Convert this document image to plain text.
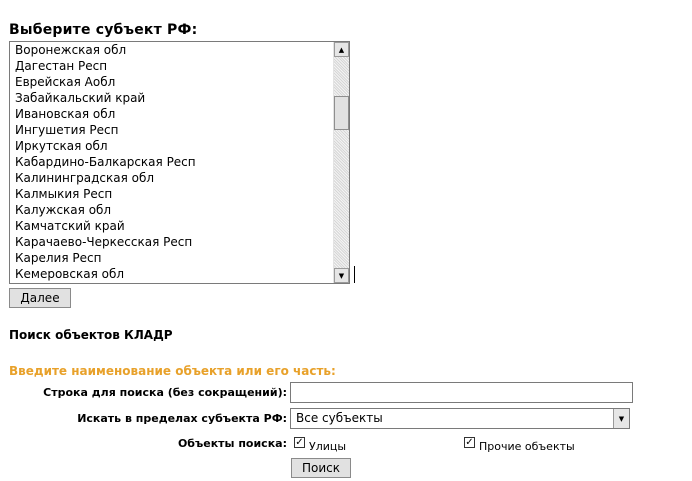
Выберите субъект РФ:
Воронежская обл
Дагестан Респ
Еврейская Аобл
Забайкальский край
Ивановская обл
Ингушетия Респ
Иркутская обл
Кабардино-Балкарская Респ
Калининградская обл
Калмыкия Респ
Калужская обл
Камчатский край
Карачаево-Черкесская Респ
Карелия Респ
Кемеровская обл
▲
▼
Далее
Поиск объектов КЛАДР
Введите наименование объекта или его часть:
Строка для поиска (без сокращений):
Искать в пределах субъекта РФ: Все субъекты	▼
Объекты поиска: ✓ Улицы	✓ Прочие объекты
Поиск
